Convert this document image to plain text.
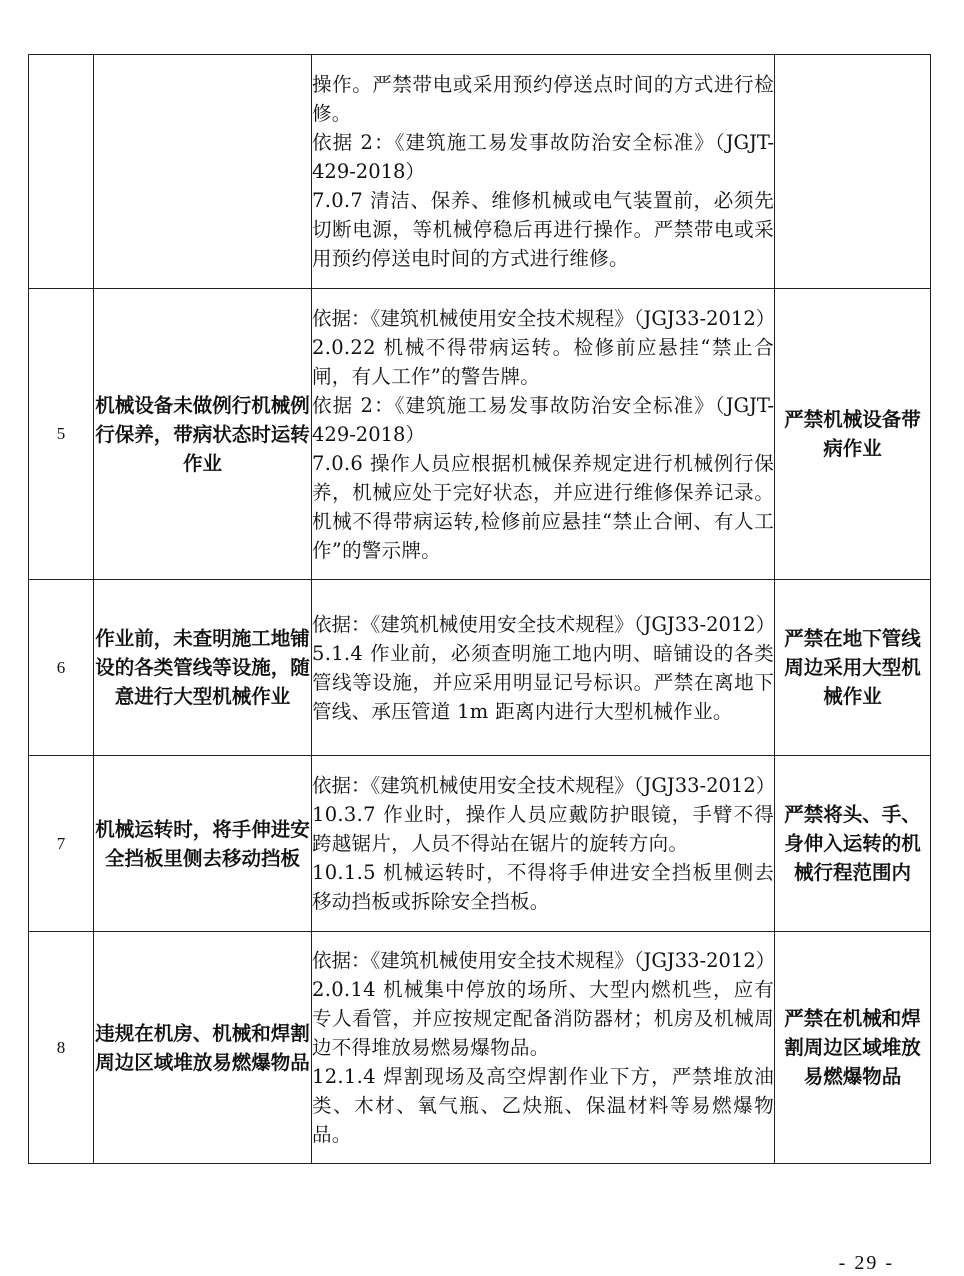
		操作。严禁带电或采用预约停送点时间的方式进行检修。

依据 2：《建筑施工易发事故防治安全标准》（JGJT-429-2018）

7.0.7 清洁、保养、维修机械或电气装置前，必须先切断电源，等机械停稳后再进行操作。严禁带电或采用预约停送电时间的方式进行维修。	

5	机械设备未做例行机械例行保养，带病状态时运转作业	依据：《建筑机械使用安全技术规程》（JGJ33-2012）

2.0.22 机械不得带病运转。检修前应悬挂“禁止合闸，有人工作”的警告牌。

依据 2：《建筑施工易发事故防治安全标准》（JGJT-429-2018）

7.0.6 操作人员应根据机械保养规定进行机械例行保养，机械应处于完好状态，并应进行维修保养记录。机械不得带病运转,检修前应悬挂“禁止合闸、有人工作”的警示牌。	严禁机械设备带病作业
6	作业前，未查明施工地铺设的各类管线等设施，随意进行大型机械作业	依据：《建筑机械使用安全技术规程》（JGJ33-2012）

5.1.4 作业前，必须查明施工地内明、暗铺设的各类管线等设施，并应采用明显记号标识。严禁在离地下管线、承压管道 1m 距离内进行大型机械作业。	严禁在地下管线周边采用大型机械作业
7	机械运转时，将手伸进安全挡板里侧去移动挡板	依据：《建筑机械使用安全技术规程》（JGJ33-2012）

10.3.7 作业时，操作人员应戴防护眼镜，手臂不得跨越锯片，人员不得站在锯片的旋转方向。

10.1.5 机械运转时，不得将手伸进安全挡板里侧去移动挡板或拆除安全挡板。	严禁将头、手、身伸入运转的机械行程范围内
8	违规在机房、机械和焊割周边区域堆放易燃爆物品	依据：《建筑机械使用安全技术规程》（JGJ33-2012）

2.0.14 机械集中停放的场所、大型内燃机些，应有专人看管，并应按规定配备消防器材；机房及机械周边不得堆放易燃易爆物品。

12.1.4 焊割现场及高空焊割作业下方，严禁堆放油类、木材、氧气瓶、乙炔瓶、保温材料等易燃爆物品。	严禁在机械和焊割周边区域堆放易燃爆物品
- 29 -
